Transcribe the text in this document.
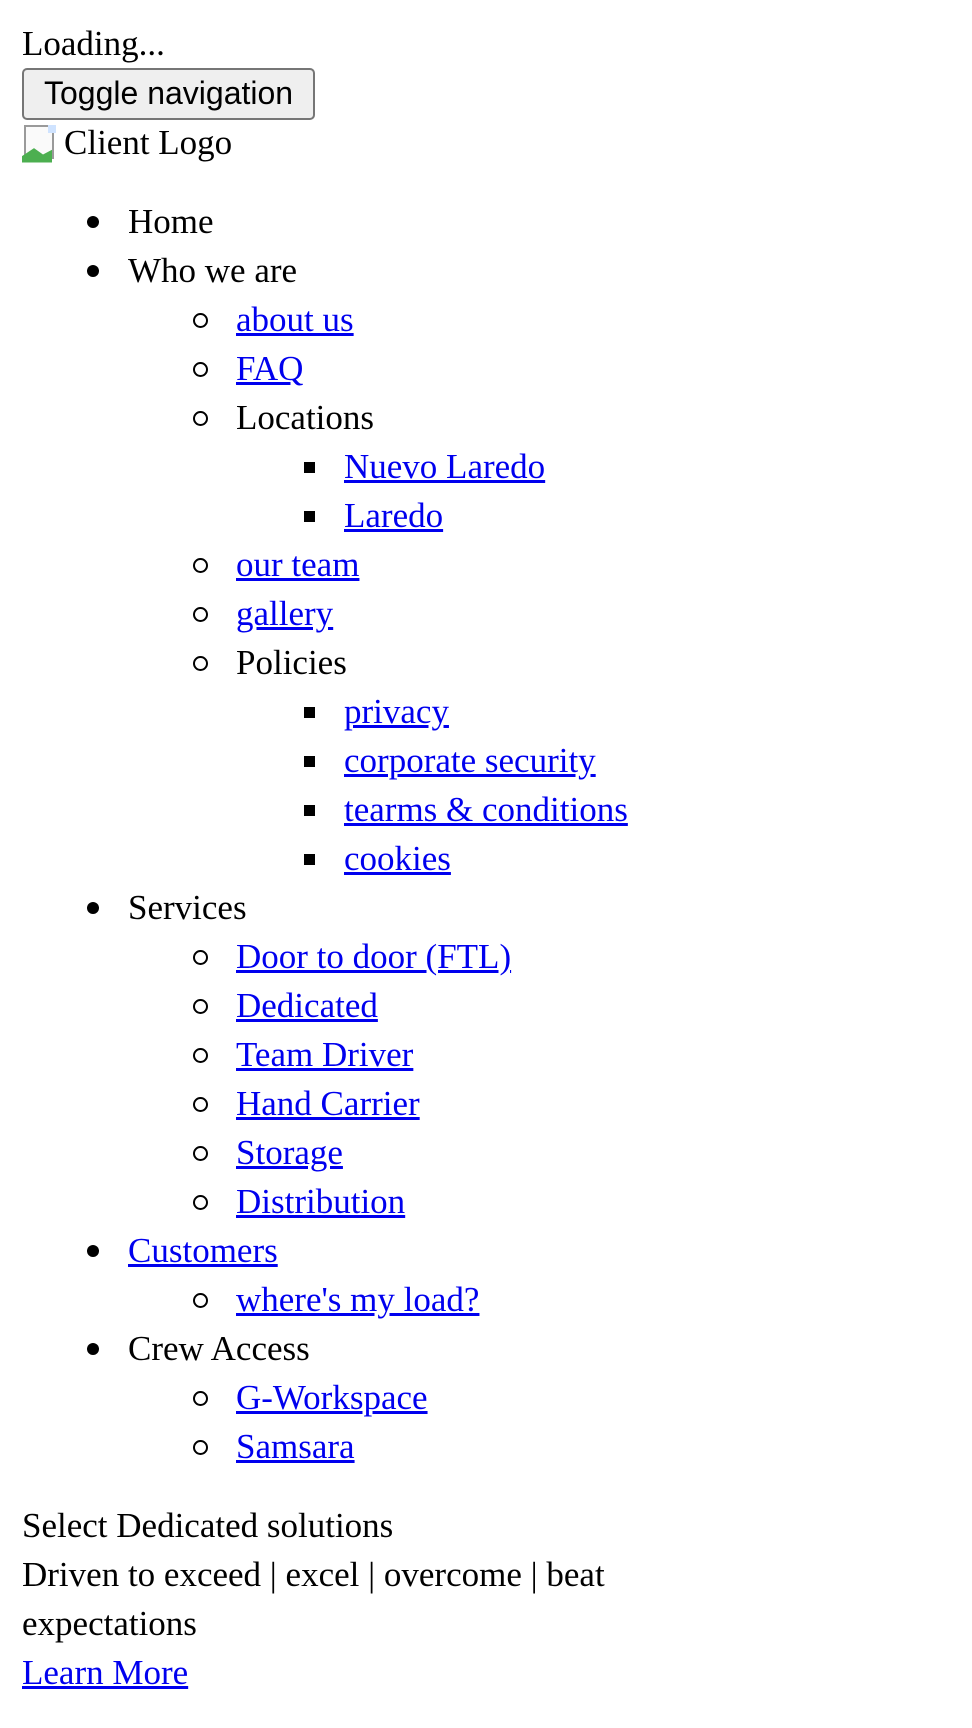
Loading...
Toggle navigation
Client Logo
Home
Who we are
about us
FAQ
Locations
Nuevo Laredo
Laredo
our team
gallery
Policies
privacy
corporate security
tearms & conditions
cookies
Services
Door to door (FTL)
Dedicated
Team Driver
Hand Carrier
Storage
Distribution
Customers
where's my load?
Crew Access
G-Workspace
Samsara
Select Dedicated solutions
Driven to exceed | excel | overcome | beat
expectations
Learn More
